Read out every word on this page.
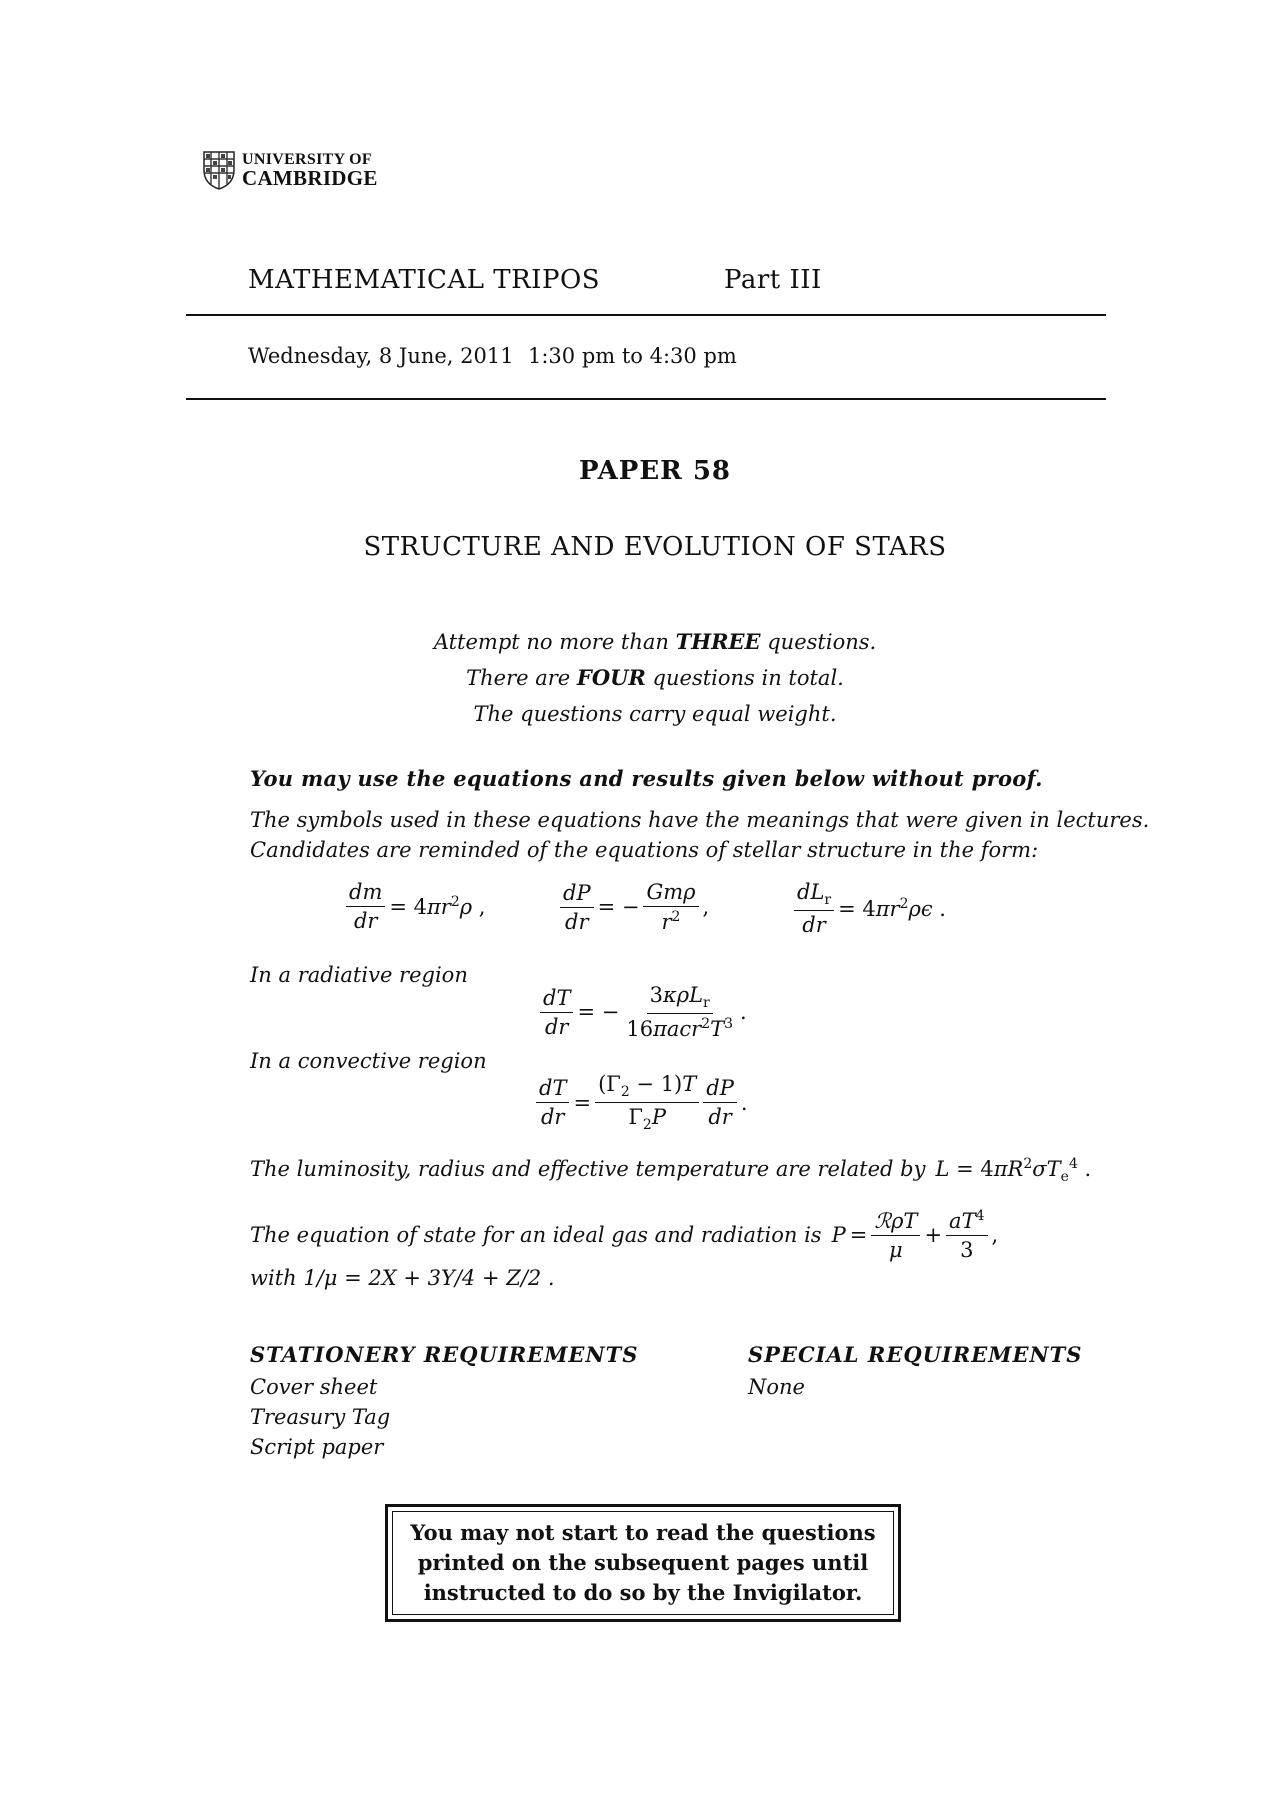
UNIVERSITY OF
CAMBRIDGE
MATHEMATICAL TRIPOS	Part III
Wednesday, 8 June, 2011 1:30 pm to 4:30 pm
PAPER 58
STRUCTURE AND EVOLUTION OF STARS
Attempt no more than THREE questions.
There are FOUR questions in total.
The questions carry equal weight.
You may use the equations and results given below without proof.
The symbols used in these equations have the meanings that were given in lectures.
Candidates are reminded of the equations of stellar structure in the form:
$\frac{dm}{dr} = 4\pi r^2\rho$ ,	$\frac{dP}{dr}$ = − $\frac{\text{Gmρ}}{r^2}$ ,	$\frac{dL_r}{dr} = 4\pi r^2\rho\epsilon$ .
In a radiative region
$\frac{dT}{dr}$ = − $\frac{3\kappa\rho L_r}{16\pi acr^2T^3}$ .
In a convective region
$\frac{dT}{dr} = \frac{(\Gamma_2 - 1)T}{\Gamma_2P} \frac{dP}{dr}$ .
The luminosity, radius and effective temperature are related by $L = 4\pi R^2\sigma T_e^4$ .
The equation of state for an ideal gas and radiation is $P = \frac{\text{ℛρT}}{\mu} + \frac{aT^4}{3}$ ,
with 1/μ = 2X + 3Y/4 + Z/2 .
STATIONERY REQUIREMENTS
Cover sheet
Treasury Tag
Script paper
SPECIAL REQUIREMENTS
None
You may not start to read the questions
printed on the subsequent pages until
instructed to do so by the Invigilator.
